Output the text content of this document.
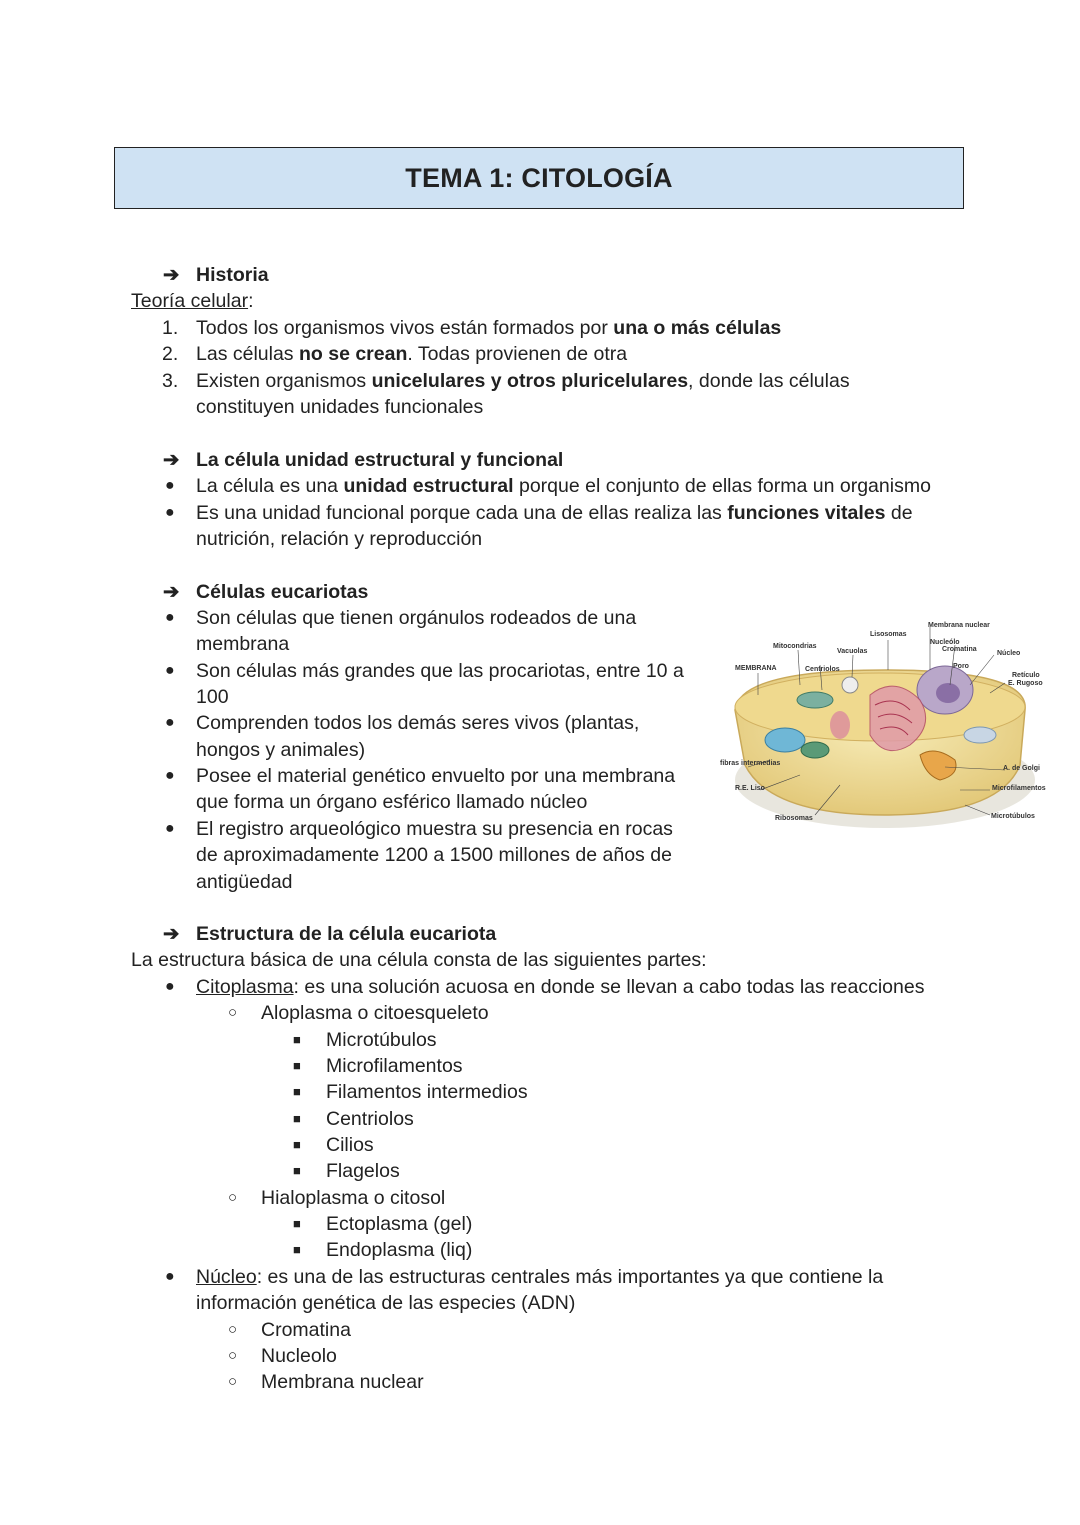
TEMA 1: CITOLOGÍA
➔ Historia
Teoría celular:
1. Todos los organismos vivos están formados por una o más células
2. Las células no se crean. Todas provienen de otra
3. Existen organismos unicelulares y otros pluricelulares, donde las células
constituyen unidades funcionales
➔ La célula unidad estructural y funcional
● La célula es una unidad estructural porque el conjunto de ellas forma un organismo
● Es una unidad funcional porque cada una de ellas realiza las funciones vitales de
nutrición, relación y reproducción
➔ Células eucariotas
● Son células que tienen orgánulos rodeados de una
membrana
● Son células más grandes que las procariotas, entre 10 a
100
● Comprenden todos los demás seres vivos (plantas,
hongos y animales)
● Posee el material genético envuelto por una membrana
que forma un órgano esférico llamado núcleo
● El registro arqueológico muestra su presencia en rocas
de aproximadamente 1200 a 1500 millones de años de
antigüedad
MEMBRANA
Mitocondrias
Centriolos
Vacuolas
Lisosomas
Membrana nuclear
Nucleólo
Cromatina
Poro
Núcleo
Retículo
E. Rugoso
fibras intermedias
R.E. Liso
A. de Golgi
Microfilamentos
Ribosomas	Microtúbulos
➔ Estructura de la célula eucariota
La estructura básica de una célula consta de las siguientes partes:
● Citoplasma: es una solución acuosa en donde se llevan a cabo todas las reacciones
○ Aloplasma o citoesqueleto
■ Microtúbulos
■ Microfilamentos
■ Filamentos intermedios
■ Centriolos
■ Cilios
■ Flagelos
○ Hialoplasma o citosol
■ Ectoplasma (gel)
■ Endoplasma (liq)
● Núcleo: es una de las estructuras centrales más importantes ya que contiene la
información genética de las especies (ADN)
○ Cromatina
○ Nucleolo
○ Membrana nuclear
